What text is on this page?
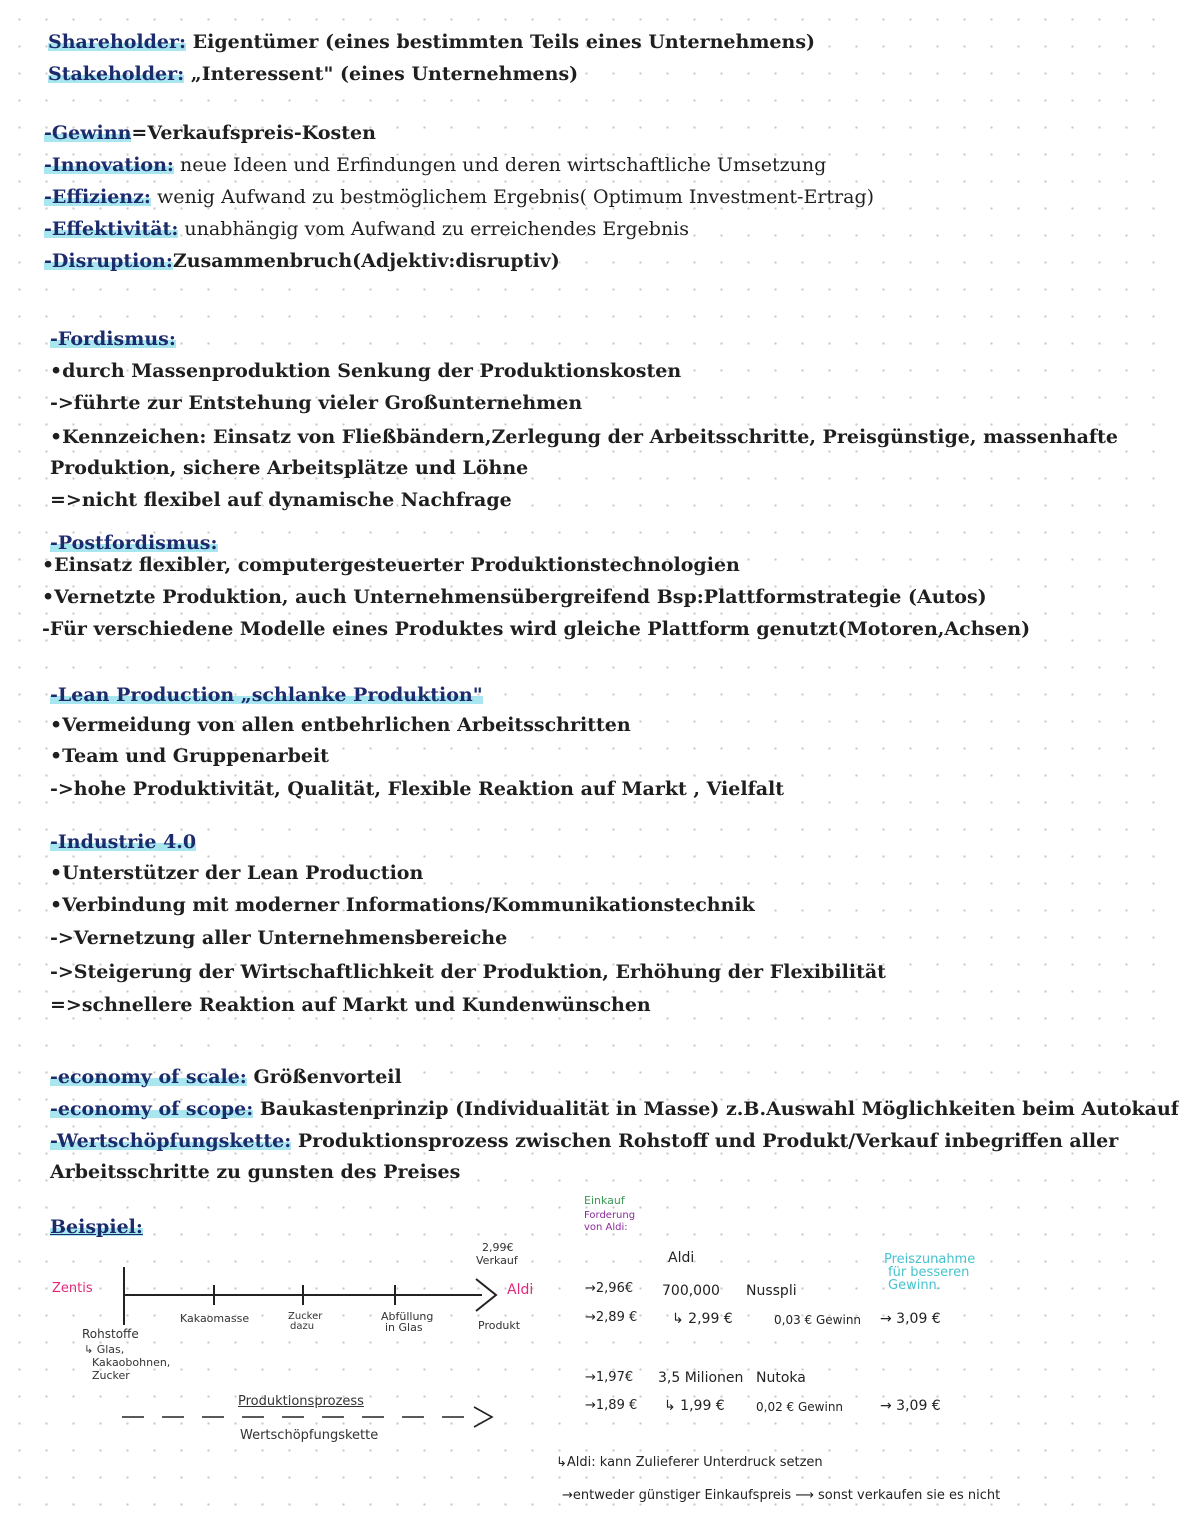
Shareholder: Eigentümer (eines bestimmten Teils eines Unternehmens)
Stakeholder: „Interessent" (eines Unternehmens)
-Gewinn=Verkaufspreis-Kosten
-Innovation: neue Ideen und Erfindungen und deren wirtschaftliche Umsetzung
-Effizienz: wenig Aufwand zu bestmöglichem Ergebnis( Optimum Investment-Ertrag)
-Effektivität: unabhängig vom Aufwand zu erreichendes Ergebnis
-Disruption:Zusammenbruch(Adjektiv:disruptiv)
-Fordismus:
•durch Massenproduktion Senkung der Produktionskosten
->führte zur Entstehung vieler Großunternehmen
•Kennzeichen: Einsatz von Fließbändern,Zerlegung der Arbeitsschritte, Preisgünstige, massenhafte
Produktion, sichere Arbeitsplätze und Löhne
=>nicht flexibel auf dynamische Nachfrage
-Postfordismus:
•Einsatz flexibler, computergesteuerter Produktionstechnologien
•Vernetzte Produktion, auch Unternehmensübergreifend Bsp:Plattformstrategie (Autos)
-Für verschiedene Modelle eines Produktes wird gleiche Plattform genutzt(Motoren,Achsen)
-Lean Production „schlanke Produktion"
•Vermeidung von allen entbehrlichen Arbeitsschritten
•Team und Gruppenarbeit
->hohe Produktivität, Qualität, Flexible Reaktion auf Markt , Vielfalt
-Industrie 4.0
•Unterstützer der Lean Production
•Verbindung mit moderner Informations/Kommunikationstechnik
->Vernetzung aller Unternehmensbereiche
->Steigerung der Wirtschaftlichkeit der Produktion, Erhöhung der Flexibilität
=>schnellere Reaktion auf Markt und Kundenwünschen
-economy of scale: Größenvorteil
-economy of scope: Baukastenprinzip (Individualität in Masse) z.B.Auswahl Möglichkeiten beim Autokauf
-Wertschöpfungskette: Produktionsprozess zwischen Rohstoff und Produkt/Verkauf inbegriffen aller
Arbeitsschritte zu gunsten des Preises
Beispiel:
Zentis
Rohstoffe
↳ Glas,
Kakaobohnen,
Zucker
Kakaomasse	Zucker
dazu
Abfüllung
in Glas
2,99€
Verkauf
Aldi
Produkt
Produktionsprozess
Wertschöpfungskette
Einkauf
Forderung
von Aldi:
Aldi	Preiszunahme
für besseren
Gewinn.
→2,96€ 700,000 Nusspli
→2,89 € ↳ 2,99 €	0,03 € Gewinn → 3,09 €
→1,97€ 3,5 Milionen Nutoka
→1,89 € ↳ 1,99 €	0,02 € Gewinn	→ 3,09 €
↳Aldi: kann Zulieferer Unterdruck setzen
→entweder günstiger Einkaufspreis ⟶ sonst verkaufen sie es nicht
